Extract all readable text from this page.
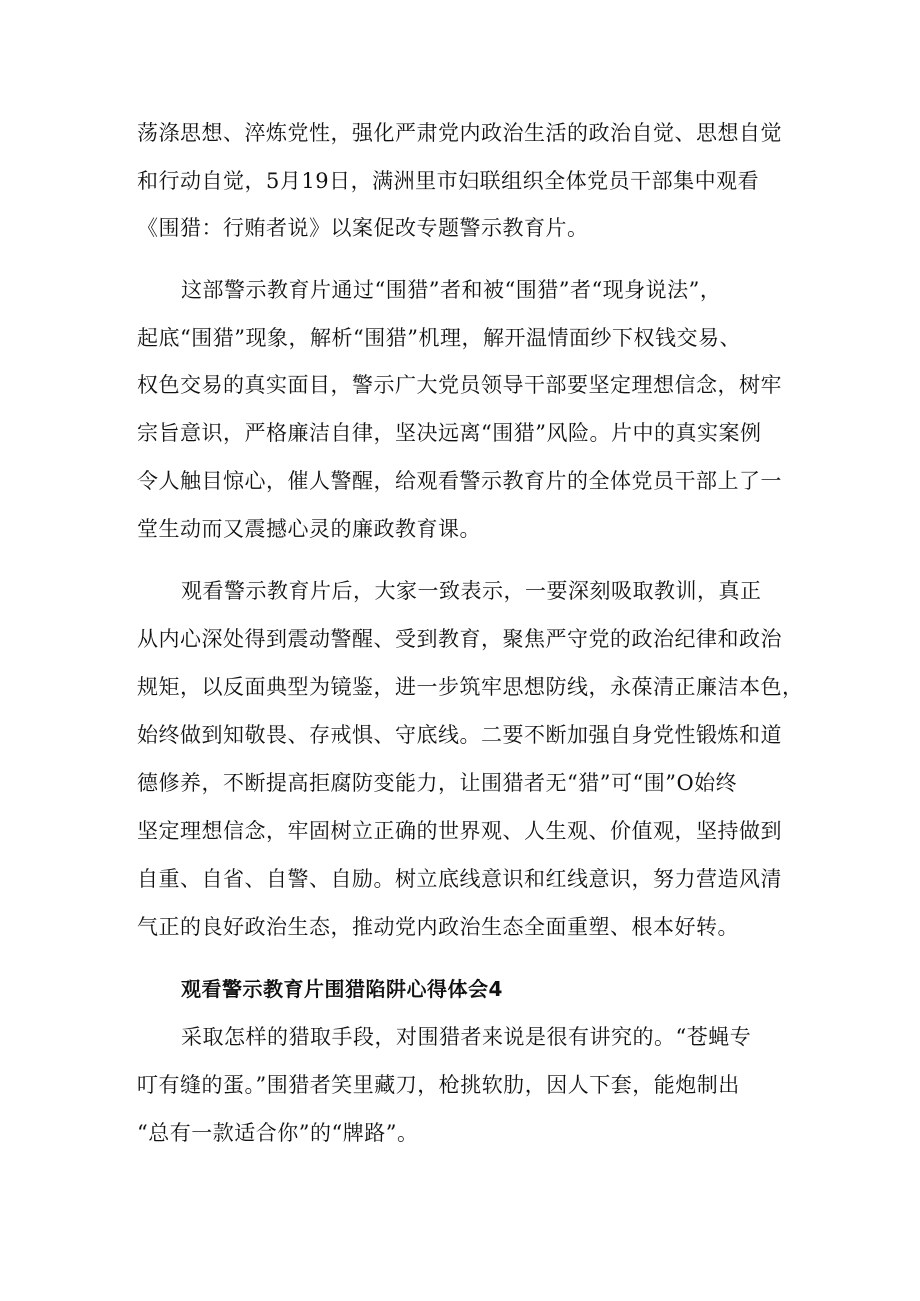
荡涤思想、淬炼党性，强化严肃党内政治生活的政治自觉、思想自觉
和行动自觉，5月19日，满洲里市妇联组织全体党员干部集中观看
《围猎：行贿者说》以案促改专题警示教育片。
这部警示教育片通过“围猎”者和被“围猎”者“现身说法”，
起底“围猎”现象，解析“围猎”机理，解开温情面纱下权钱交易、
权色交易的真实面目，警示广大党员领导干部要坚定理想信念，树牢
宗旨意识，严格廉洁自律，坚决远离“围猎”风险。片中的真实案例
令人触目惊心，催人警醒，给观看警示教育片的全体党员干部上了一
堂生动而又震撼心灵的廉政教育课。
观看警示教育片后，大家一致表示，一要深刻吸取教训，真正
从内心深处得到震动警醒、受到教育，聚焦严守党的政治纪律和政治
规矩，以反面典型为镜鉴，进一步筑牢思想防线，永葆清正廉洁本色，
始终做到知敬畏、存戒惧、守底线。二要不断加强自身党性锻炼和道
德修养，不断提高拒腐防变能力，让围猎者无“猎”可“围”O始终
坚定理想信念，牢固树立正确的世界观、人生观、价值观，坚持做到
自重、自省、自警、自励。树立底线意识和红线意识，努力营造风清
气正的良好政治生态，推动党内政治生态全面重塑、根本好转。
观看警示教育片围猎陷阱心得体会4
采取怎样的猎取手段，对围猎者来说是很有讲究的。“苍蝇专
叮有缝的蛋。”围猎者笑里藏刀，枪挑软肋，因人下套，能炮制出
“总有一款适合你”的“牌路”。
